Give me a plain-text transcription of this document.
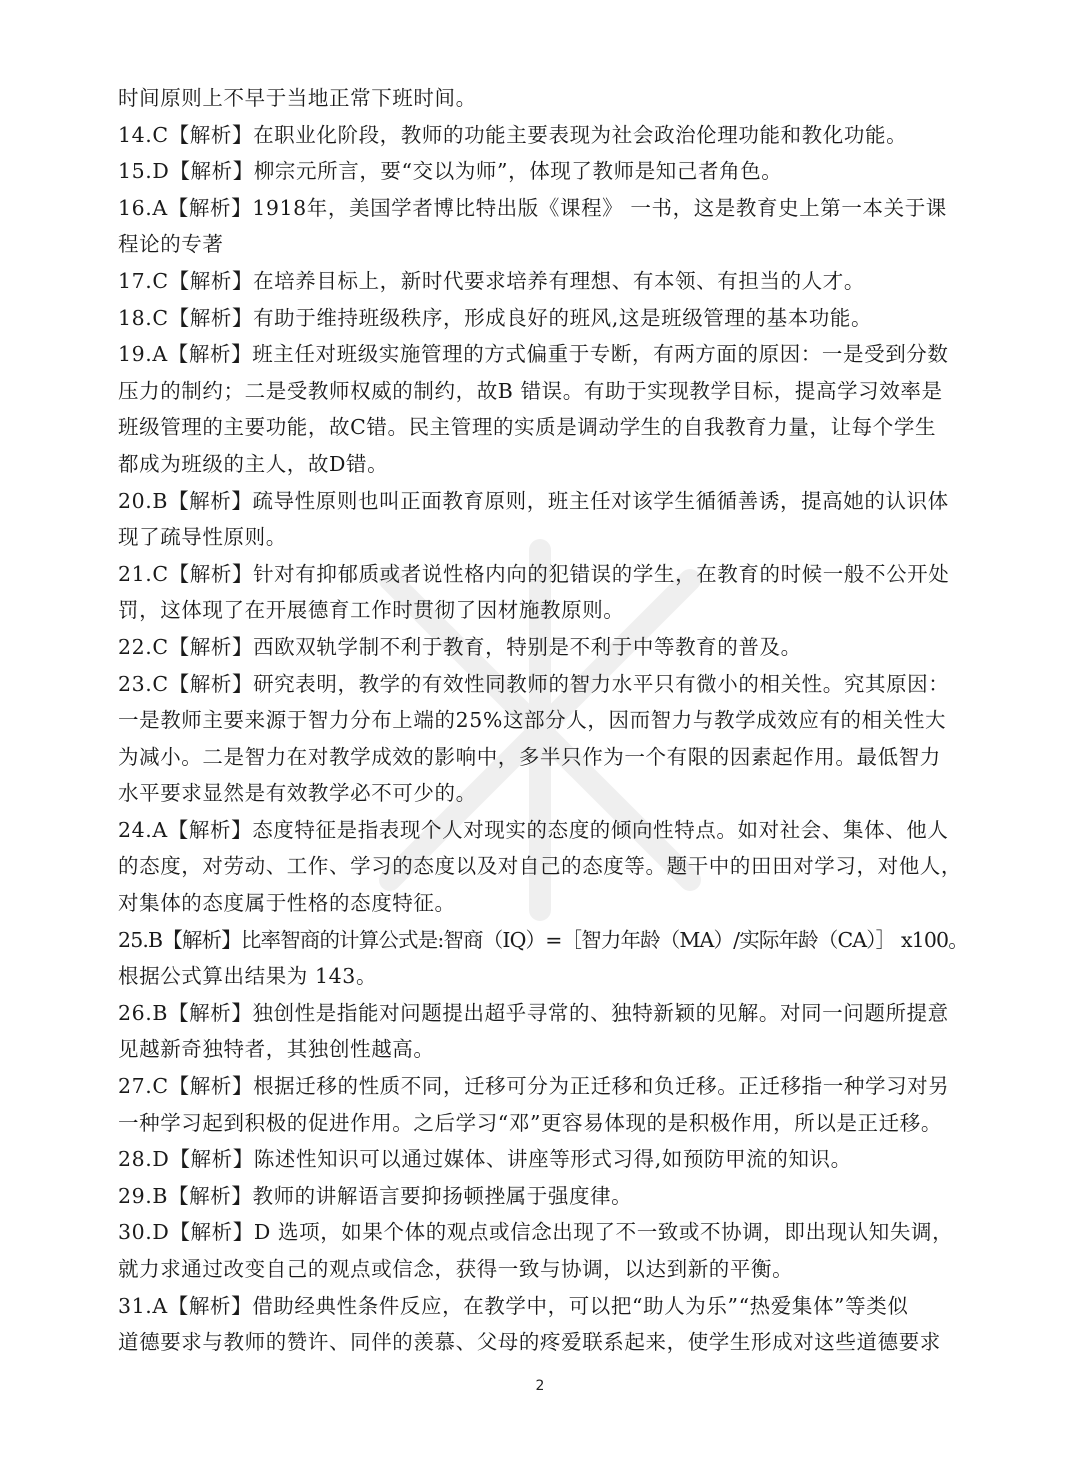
时间原则上不早于当地正常下班时间。
14.C【解析】在职业化阶段，教师的功能主要表现为社会政治伦理功能和教化功能。
15.D【解析】柳宗元所言，要“交以为师”，体现了教师是知己者角色。
16.A【解析】1918年，美国学者博比特出版《课程》 一书，这是教育史上第一本关于课
程论的专著
17.C【解析】在培养目标上，新时代要求培养有理想、有本领、有担当的人才。
18.C【解析】有助于维持班级秩序，形成良好的班风,这是班级管理的基本功能。
19.A【解析】班主任对班级实施管理的方式偏重于专断，有两方面的原因：一是受到分数
压力的制约；二是受教师权威的制约，故B 错误。有助于实现教学目标，提高学习效率是
班级管理的主要功能，故C错。民主管理的实质是调动学生的自我教育力量，让每个学生
都成为班级的主人，故D错。
20.B【解析】疏导性原则也叫正面教育原则，班主任对该学生循循善诱，提高她的认识体
现了疏导性原则。
21.C【解析】针对有抑郁质或者说性格内向的犯错误的学生，在教育的时候一般不公开处
罚，这体现了在开展德育工作时贯彻了因材施教原则。
22.C【解析】西欧双轨学制不利于教育，特别是不利于中等教育的普及。
23.C【解析】研究表明，教学的有效性同教师的智力水平只有微小的相关性。究其原因：
一是教师主要来源于智力分布上端的25%这部分人，因而智力与教学成效应有的相关性大
为减小。二是智力在对教学成效的影响中，多半只作为一个有限的因素起作用。最低智力
水平要求显然是有效教学必不可少的。
24.A【解析】态度特征是指表现个人对现实的态度的倾向性特点。如对社会、集体、他人
的态度，对劳动、工作、学习的态度以及对自己的态度等。题干中的田田对学习，对他人，
对集体的态度属于性格的态度特征。
25.B【解析】比率智商的计算公式是:智商（IQ）=［智力年龄（MA）/实际年龄（CA）］ x100。
根据公式算出结果为 143。
26.B【解析】独创性是指能对问题提出超乎寻常的、独特新颖的见解。对同一问题所提意
见越新奇独特者，其独创性越高。
27.C【解析】根据迁移的性质不同，迁移可分为正迁移和负迁移。正迁移指一种学习对另
一种学习起到积极的促进作用。之后学习“邓”更容易体现的是积极作用，所以是正迁移。
28.D【解析】陈述性知识可以通过媒体、讲座等形式习得,如预防甲流的知识。
29.B【解析】教师的讲解语言要抑扬顿挫属于强度律。
30.D【解析】D 选项，如果个体的观点或信念出现了不一致或不协调，即出现认知失调，
就力求通过改变自己的观点或信念，获得一致与协调，以达到新的平衡。
31.A【解析】借助经典性条件反应，在教学中，可以把“助人为乐”“热爱集体”等类似
道德要求与教师的赞许、同伴的羡慕、父母的疼爱联系起来，使学生形成对这些道德要求
2
